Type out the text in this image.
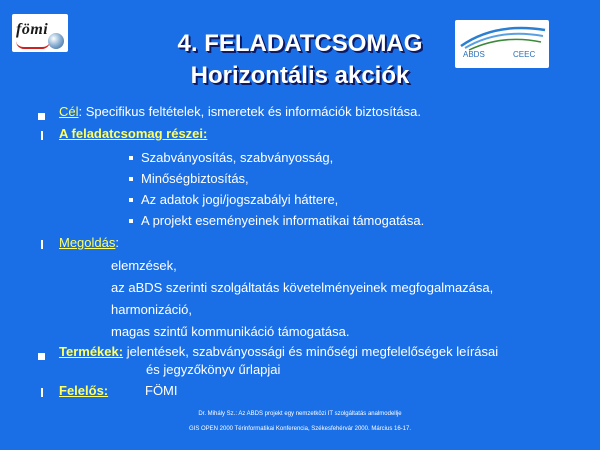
fömi
ABDS	CEEC
4. FELADATCSOMAG
Horizontális akciók
Cél: Specifikus feltételek, ismeretek és információk biztosítása.
A feladatcsomag részei:
Szabványosítás, szabványosság,
Minőségbiztosítás,
Az adatok jogi/jogszabályi háttere,
A projekt eseményeinek informatikai támogatása.
Megoldás:
elemzések,
az aBDS szerinti szolgáltatás követelményeinek megfogalmazása,
harmonizáció,
magas szintű kommunikáció támogatása.
Termékek: jelentések, szabványossági és minőségi megfelelőségek leírásai
és jegyzőkönyv űrlapjai
Felelős:	FÖMI
Dr. Mihály Sz.: Az ABDS projekt egy nemzetközi IT szolgáltatás analmodellje
GIS OPEN 2000 Térinformatikai Konferencia, Székesfehérvár 2000. Március 16-17.
